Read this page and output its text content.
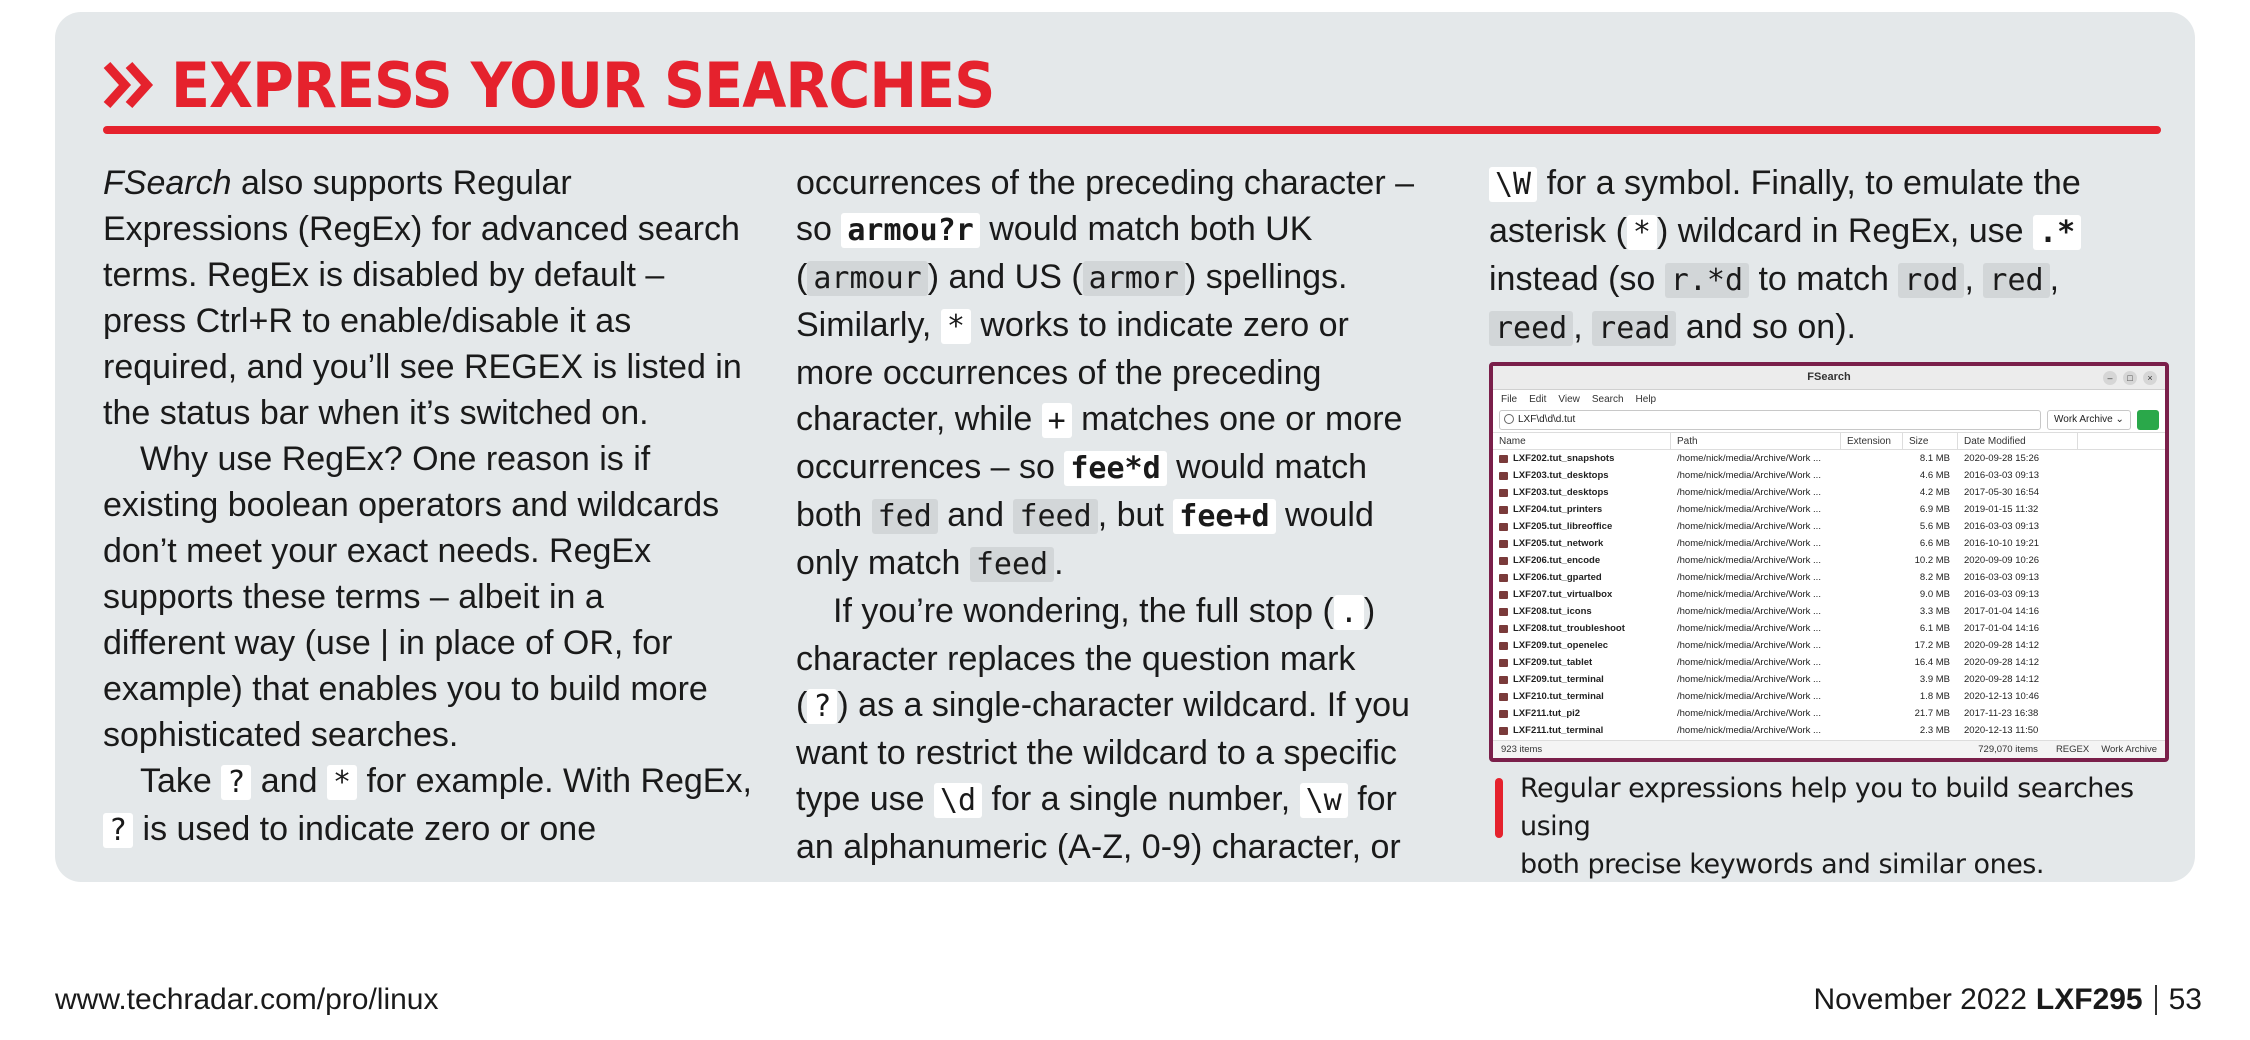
EXPRESS YOUR SEARCHES

FSearch also supports Regular

Expressions (RegEx) for advanced search

terms. RegEx is disabled by default –

press Ctrl+R to enable/disable it as

required, and you’ll see REGEX is listed in

the status bar when it’s switched on.

Why use RegEx? One reason is if

existing boolean operators and wildcards

don’t meet your exact needs. RegEx

supports these terms – albeit in a

different way (use | in place of OR, for

example) that enables you to build more

sophisticated searches.

Take ? and * for example. With RegEx,

? is used to indicate zero or one

occurrences of the preceding character –

so armou?r would match both UK

( armour ) and US ( armor ) spellings.

Similarly, * works to indicate zero or

more occurrences of the preceding

character, while + matches one or more

occurrences – so fee*d would match

both fed and feed , but fee+d would

only match feed .

If you’re wondering, the full stop ( . )

character replaces the question mark

( ? ) as a single-character wildcard. If you

want to restrict the wildcard to a specific

type use \d for a single number, \w for

an alphanumeric (A-Z, 0-9) character, or

\W for a symbol. Finally, to emulate the

asterisk ( * ) wildcard in RegEx, use .*

instead (so r.*d to match rod , red ,

reed , read and so on).

FSearch	–	□	×
File Edit View Search Help
LXF\d\d\d.tut	Work Archive ⌄
Name	Path	Extension	Size	Date Modified
LXF202.tut_snapshots	/home/nick/media/Archive/Work ...	8.1 MB	2020-09-28 15:26
LXF203.tut_desktops	/home/nick/media/Archive/Work ...	4.6 MB	2016-03-03 09:13
LXF203.tut_desktops	/home/nick/media/Archive/Work ...	4.2 MB	2017-05-30 16:54
LXF204.tut_printers	/home/nick/media/Archive/Work ...	6.9 MB	2019-01-15 11:32
LXF205.tut_libreoffice	/home/nick/media/Archive/Work ...	5.6 MB	2016-03-03 09:13
LXF205.tut_network	/home/nick/media/Archive/Work ...	6.6 MB	2016-10-10 19:21
LXF206.tut_encode	/home/nick/media/Archive/Work ...	10.2 MB	2020-09-09 10:26
LXF206.tut_gparted	/home/nick/media/Archive/Work ...	8.2 MB	2016-03-03 09:13
LXF207.tut_virtualbox	/home/nick/media/Archive/Work ...	9.0 MB	2016-03-03 09:13
LXF208.tut_icons	/home/nick/media/Archive/Work ...	3.3 MB	2017-01-04 14:16
LXF208.tut_troubleshoot	/home/nick/media/Archive/Work ...	6.1 MB	2017-01-04 14:16
LXF209.tut_openelec	/home/nick/media/Archive/Work ...	17.2 MB	2020-09-28 14:12
LXF209.tut_tablet	/home/nick/media/Archive/Work ...	16.4 MB	2020-09-28 14:12
LXF209.tut_terminal	/home/nick/media/Archive/Work ...	3.9 MB	2020-09-28 14:12
LXF210.tut_terminal	/home/nick/media/Archive/Work ...	1.8 MB	2020-12-13 10:46
LXF211.tut_pi2	/home/nick/media/Archive/Work ...	21.7 MB	2017-11-23 16:38
LXF211.tut_terminal	/home/nick/media/Archive/Work ...	2.3 MB	2020-12-13 11:50
923 items	729,070 items REGEX Work Archive
Regular expressions help you to build searches using
both precise keywords and similar ones.
www.techradar.com/pro/linux	November 2022 LXF295 53
